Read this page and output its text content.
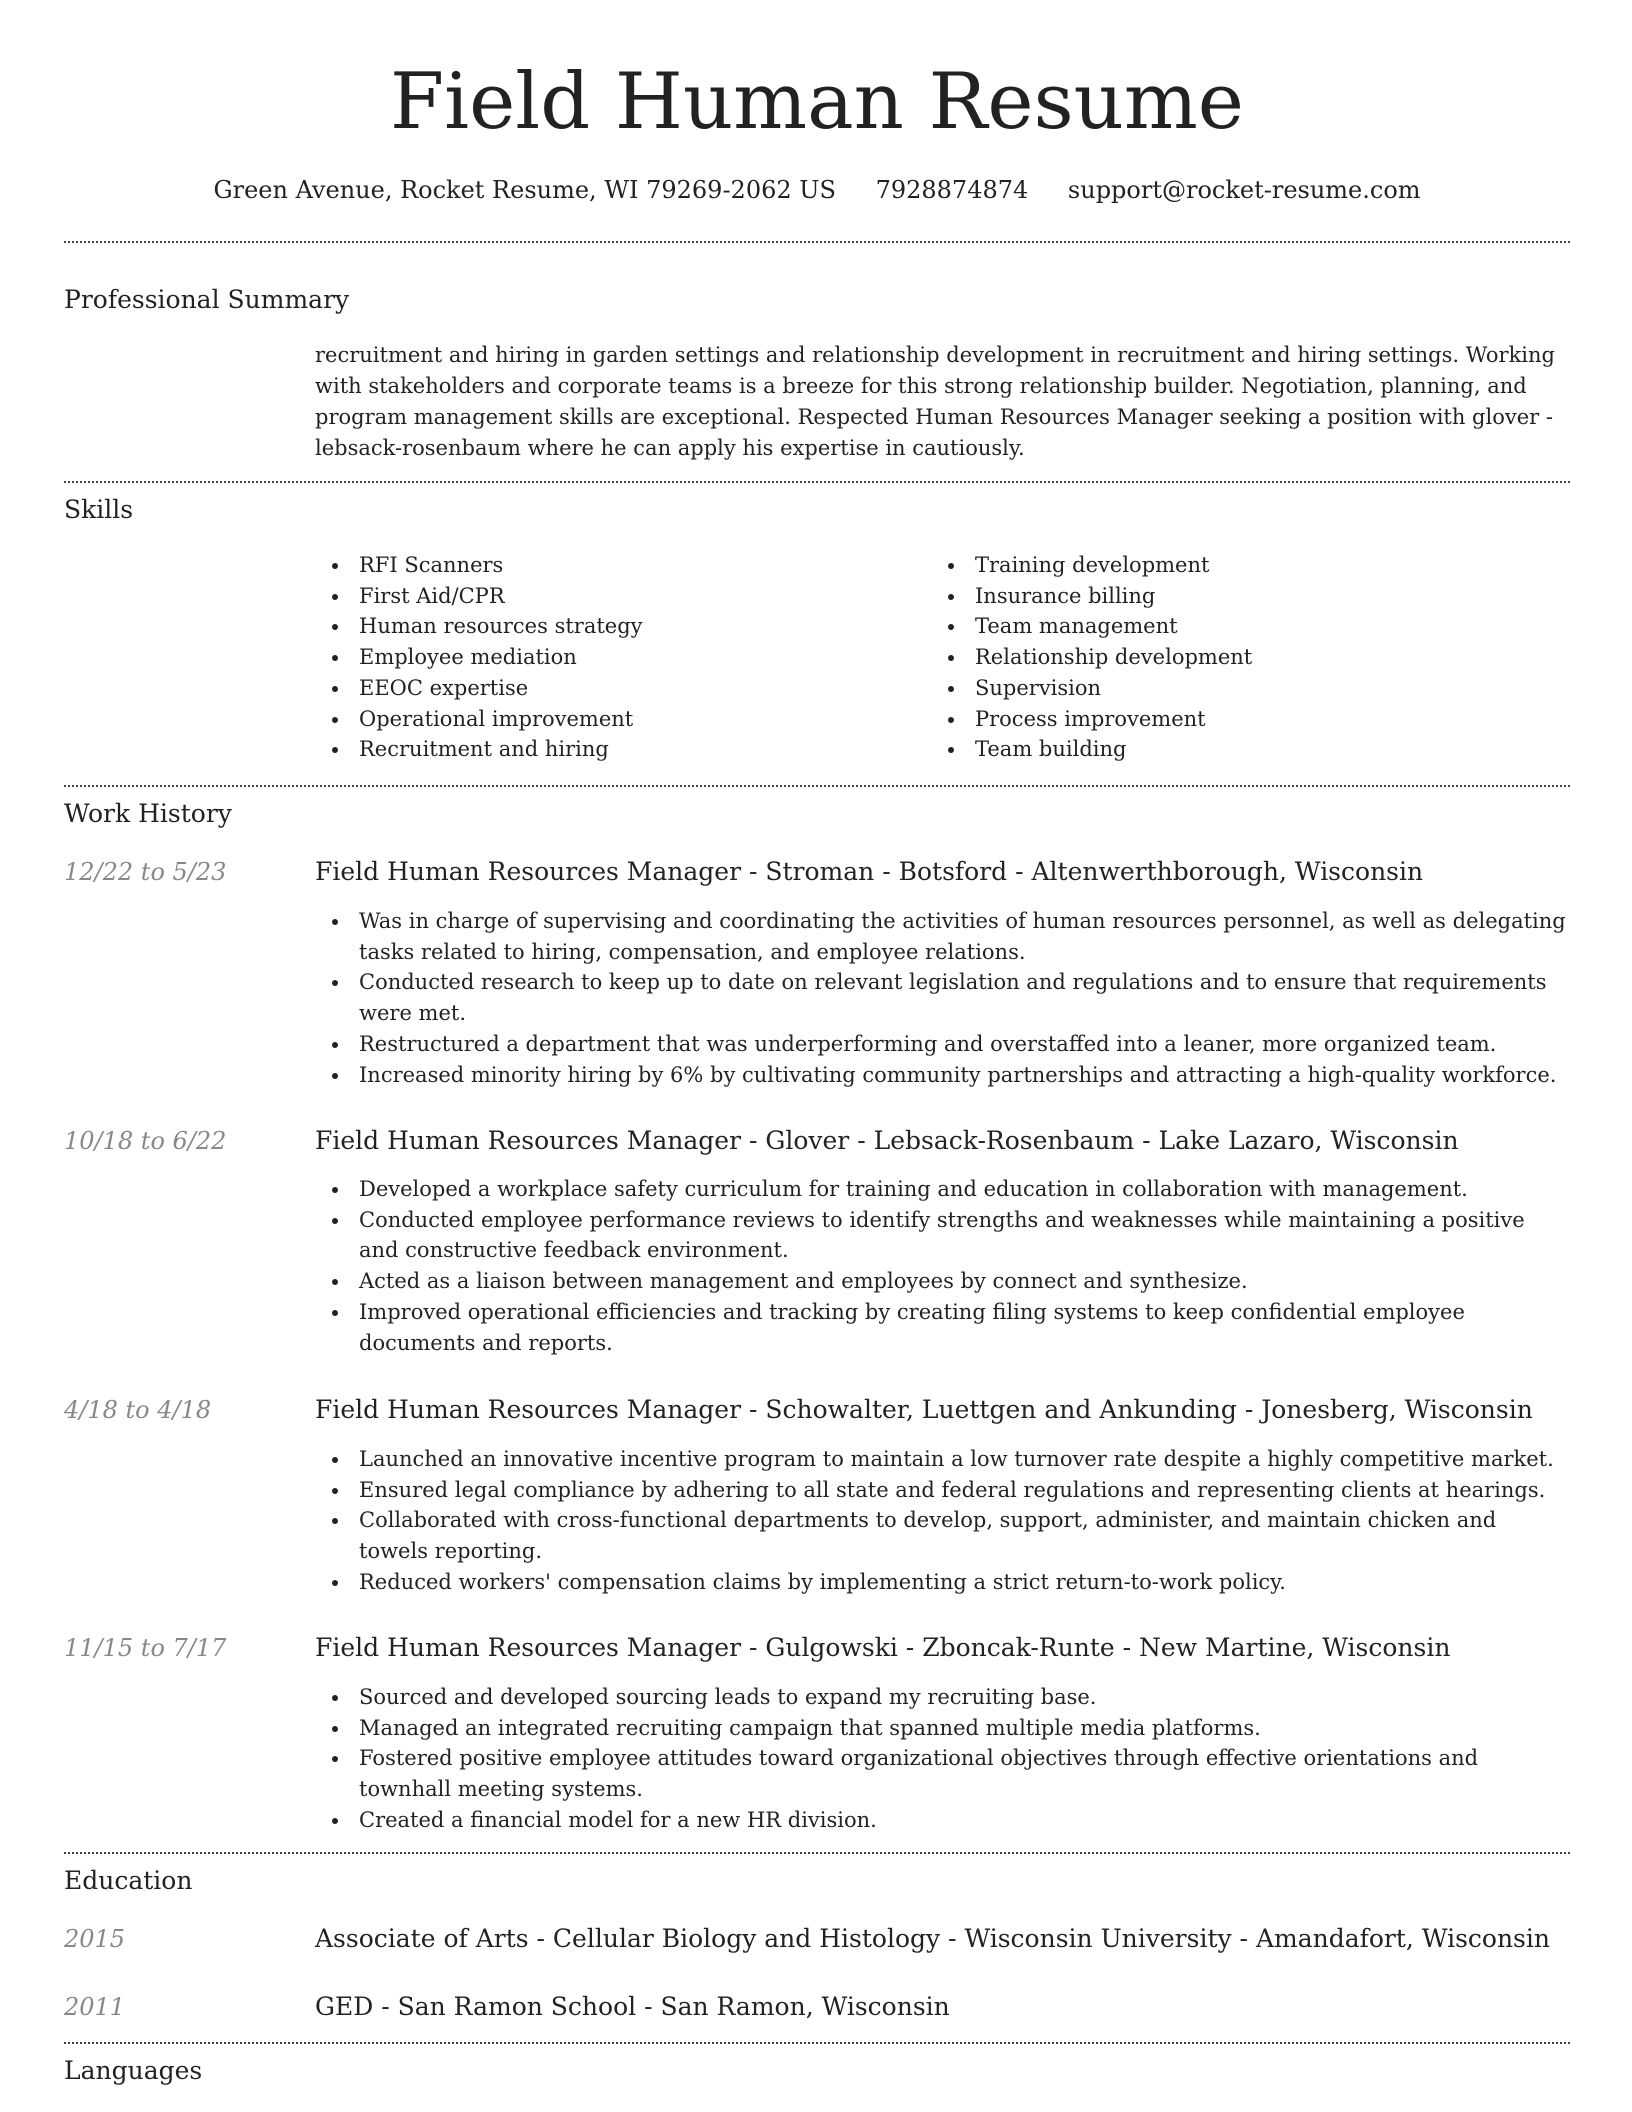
Field Human Resume
Green Avenue, Rocket Resume, WI 79269-2062 US 7928874874 support@rocket-resume.com
Professional Summary
recruitment and hiring in garden settings and relationship development in recruitment and hiring settings. Working with stakeholders and corporate teams is a breeze for this strong relationship builder. Negotiation, planning, and program management skills are exceptional. Respected Human Resources Manager seeking a position with glover - lebsack-rosenbaum where he can apply his expertise in cautiously.
Skills
RFI Scanners
First Aid/CPR
Human resources strategy
Employee mediation
EEOC expertise
Operational improvement
Recruitment and hiring
Training development
Insurance billing
Team management
Relationship development
Supervision
Process improvement
Team building
Work History
12/22 to 5/23	Field Human Resources Manager - Stroman - Botsford - Altenwerthborough, Wisconsin
Was in charge of supervising and coordinating the activities of human resources personnel, as well as delegating tasks related to hiring, compensation, and employee relations.
Conducted research to keep up to date on relevant legislation and regulations and to ensure that requirements were met.
Restructured a department that was underperforming and overstaffed into a leaner, more organized team.
Increased minority hiring by 6% by cultivating community partnerships and attracting a high-quality workforce.
10/18 to 6/22	Field Human Resources Manager - Glover - Lebsack-Rosenbaum - Lake Lazaro, Wisconsin
Developed a workplace safety curriculum for training and education in collaboration with management.
Conducted employee performance reviews to identify strengths and weaknesses while maintaining a positive and constructive feedback environment.
Acted as a liaison between management and employees by connect and synthesize.
Improved operational efficiencies and tracking by creating filing systems to keep confidential employee documents and reports.
4/18 to 4/18	Field Human Resources Manager - Schowalter, Luettgen and Ankunding - Jonesberg, Wisconsin
Launched an innovative incentive program to maintain a low turnover rate despite a highly competitive market.
Ensured legal compliance by adhering to all state and federal regulations and representing clients at hearings.
Collaborated with cross-functional departments to develop, support, administer, and maintain chicken and towels reporting.
Reduced workers' compensation claims by implementing a strict return-to-work policy.
11/15 to 7/17	Field Human Resources Manager - Gulgowski - Zboncak-Runte - New Martine, Wisconsin
Sourced and developed sourcing leads to expand my recruiting base.
Managed an integrated recruiting campaign that spanned multiple media platforms.
Fostered positive employee attitudes toward organizational objectives through effective orientations and townhall meeting systems.
Created a financial model for a new HR division.
Education
2015	Associate of Arts - Cellular Biology and Histology - Wisconsin University - Amandafort, Wisconsin
2011	GED - San Ramon School - San Ramon, Wisconsin
Languages
